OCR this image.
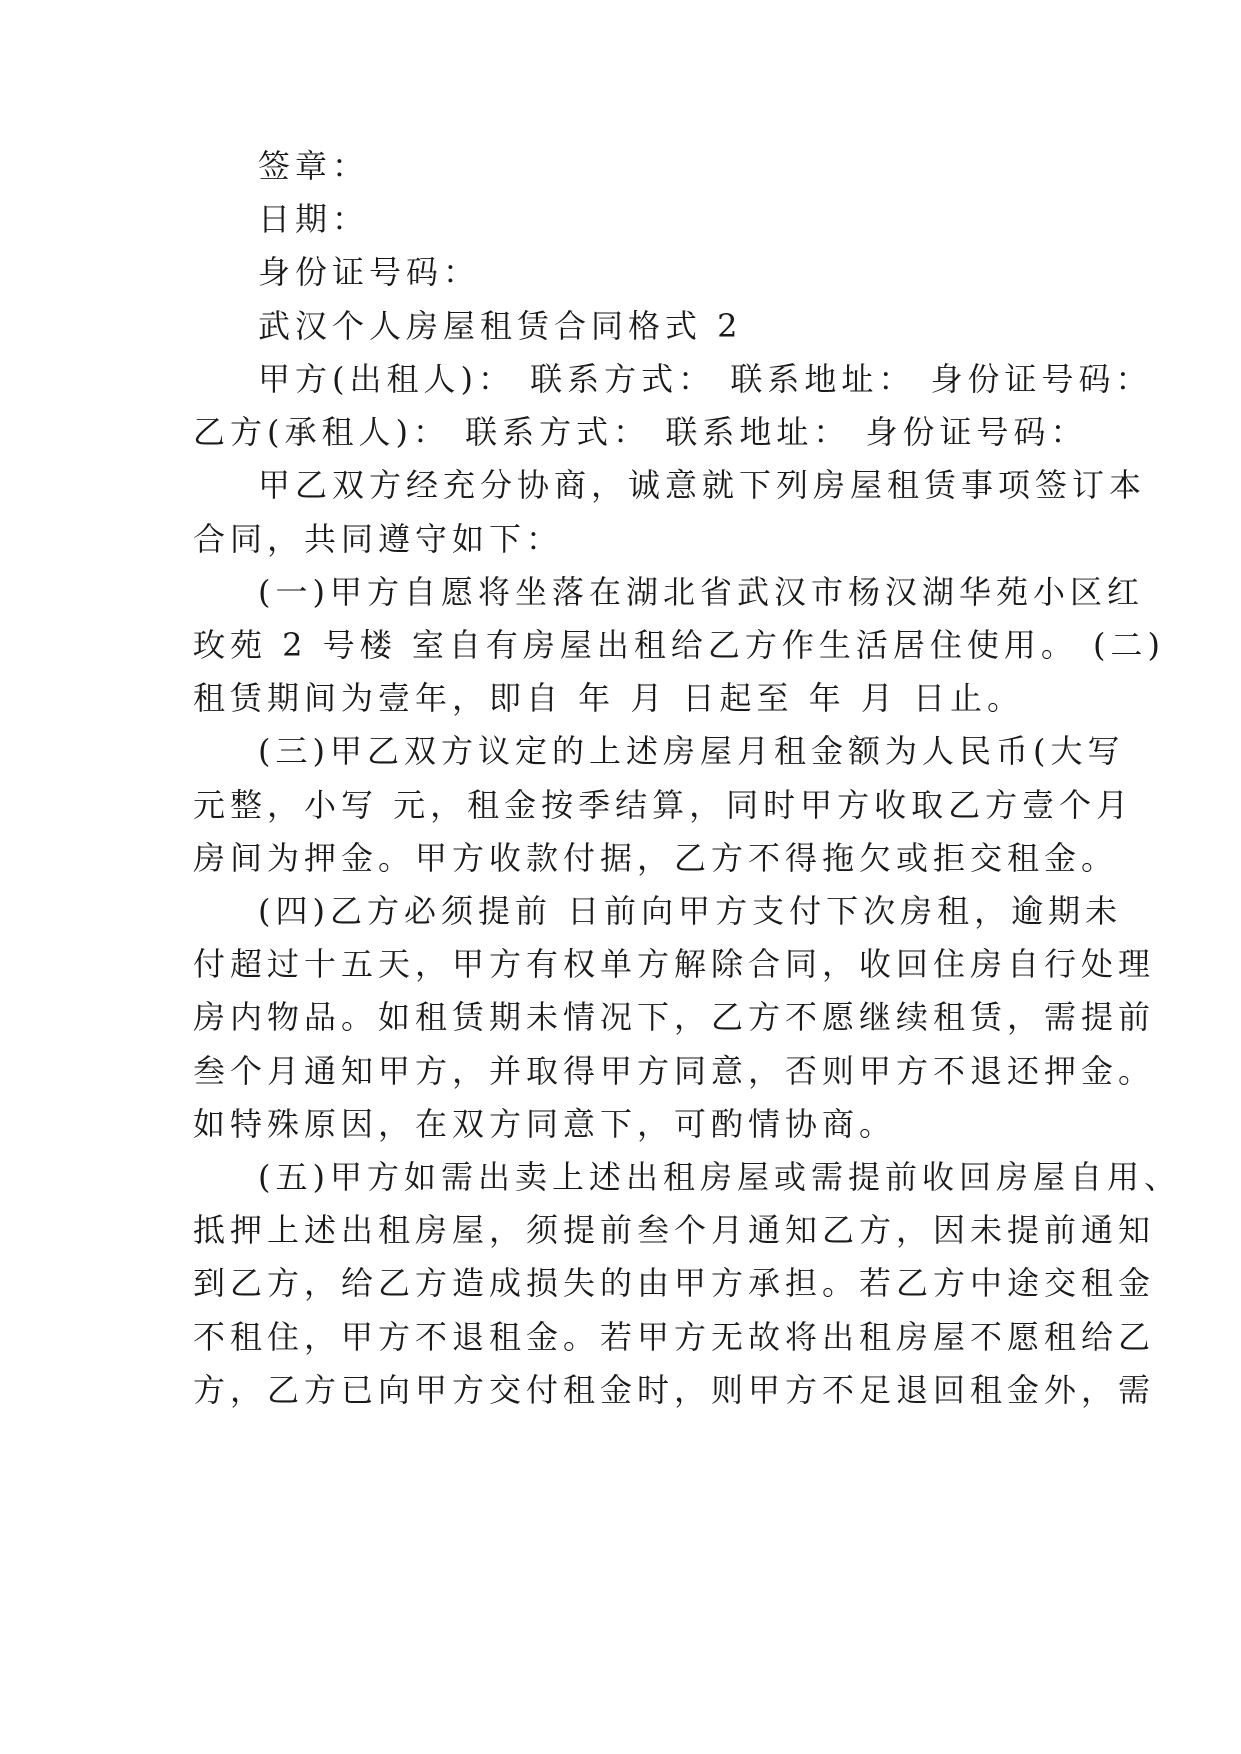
签章：
日期：
身份证号码：
武汉个人房屋租赁合同格式 2
甲方(出租人)： 联系方式： 联系地址： 身份证号码：
乙方(承租人)： 联系方式： 联系地址： 身份证号码：
甲乙双方经充分协商，诚意就下列房屋租赁事项签订本
合同，共同遵守如下：
(一)甲方自愿将坐落在湖北省武汉市杨汉湖华苑小区红
玫苑 2 号楼 室自有房屋出租给乙方作生活居住使用。 (二)
租赁期间为壹年，即自 年 月 日起至 年 月 日止。
(三)甲乙双方议定的上述房屋月租金额为人民币(大写
元整，小写 元，租金按季结算，同时甲方收取乙方壹个月
房间为押金。甲方收款付据，乙方不得拖欠或拒交租金。
(四)乙方必须提前 日前向甲方支付下次房租，逾期未
付超过十五天，甲方有权单方解除合同，收回住房自行处理
房内物品。如租赁期未情况下，乙方不愿继续租赁，需提前
叁个月通知甲方，并取得甲方同意，否则甲方不退还押金。
如特殊原因，在双方同意下，可酌情协商。
(五)甲方如需出卖上述出租房屋或需提前收回房屋自用、
抵押上述出租房屋，须提前叁个月通知乙方，因未提前通知
到乙方，给乙方造成损失的由甲方承担。若乙方中途交租金
不租住，甲方不退租金。若甲方无故将出租房屋不愿租给乙
方，乙方已向甲方交付租金时，则甲方不足退回租金外，需
